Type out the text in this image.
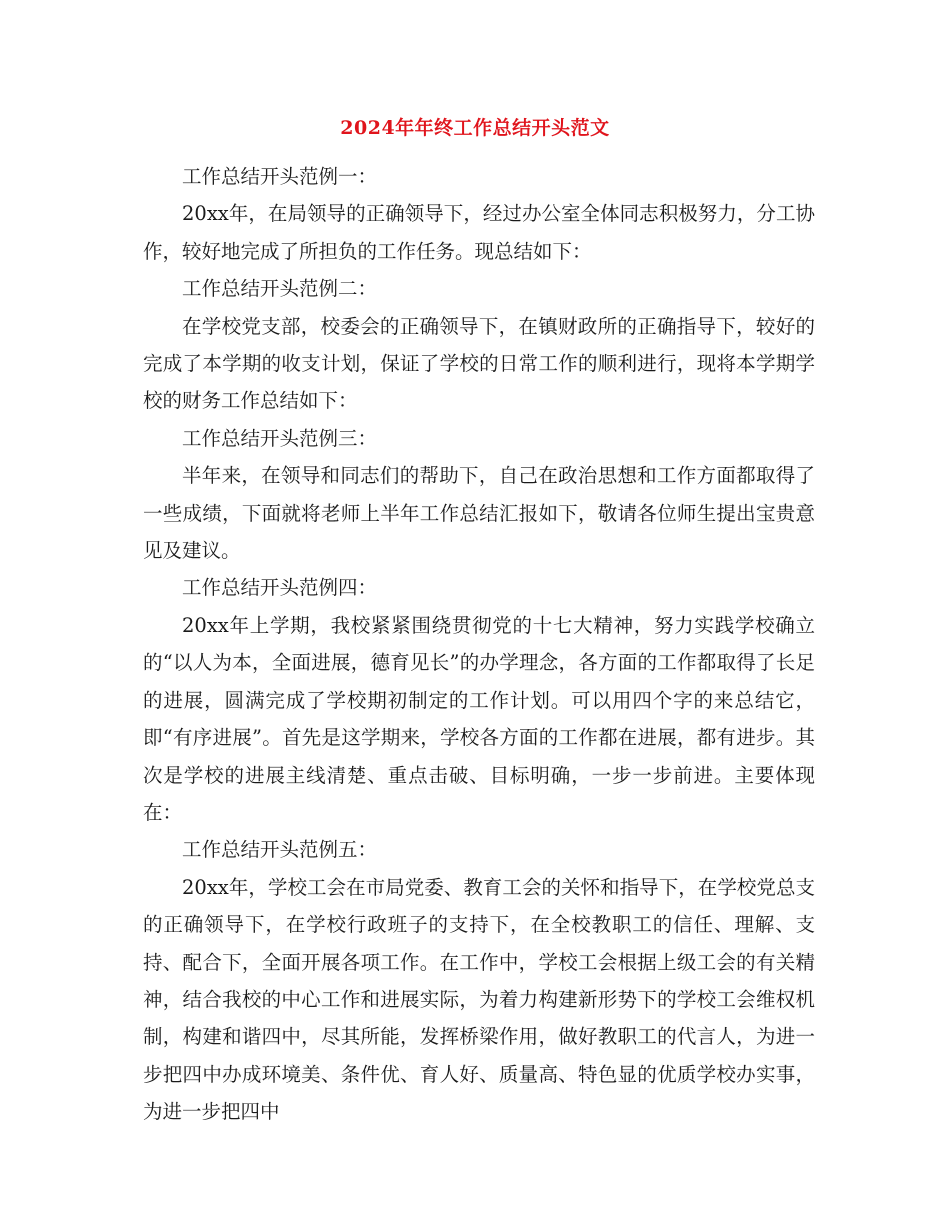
2024年年终工作总结开头范文

工作总结开头范例一：

20xx年，在局领导的正确领导下，经过办公室全体同志积极努力，分工协作，较好地完成了所担负的工作任务。现总结如下：

工作总结开头范例二：

在学校党支部，校委会的正确领导下，在镇财政所的正确指导下，较好的完成了本学期的收支计划，保证了学校的日常工作的顺利进行，现将本学期学校的财务工作总结如下：

工作总结开头范例三：

半年来，在领导和同志们的帮助下，自己在政治思想和工作方面都取得了一些成绩，下面就将老师上半年工作总结汇报如下，敬请各位师生提出宝贵意见及建议。

工作总结开头范例四：

20xx年上学期，我校紧紧围绕贯彻党的十七大精神，努力实践学校确立的“以人为本，全面进展，德育见长”的办学理念，各方面的工作都取得了长足的进展，圆满完成了学校期初制定的工作计划。可以用四个字的来总结它，即“有序进展”。首先是这学期来，学校各方面的工作都在进展，都有进步。其次是学校的进展主线清楚、重点击破、目标明确，一步一步前进。主要体现在：

工作总结开头范例五：

20xx年，学校工会在市局党委、教育工会的关怀和指导下，在学校党总支的正确领导下，在学校行政班子的支持下，在全校教职工的信任、理解、支持、配合下，全面开展各项工作。在工作中，学校工会根据上级工会的有关精神，结合我校的中心工作和进展实际，为着力构建新形势下的学校工会维权机制，构建和谐四中，尽其所能，发挥桥梁作用，做好教职工的代言人，为进一步把四中办成环境美、条件优、育人好、质量高、特色显的优质学校办实事，为进一步把四中
